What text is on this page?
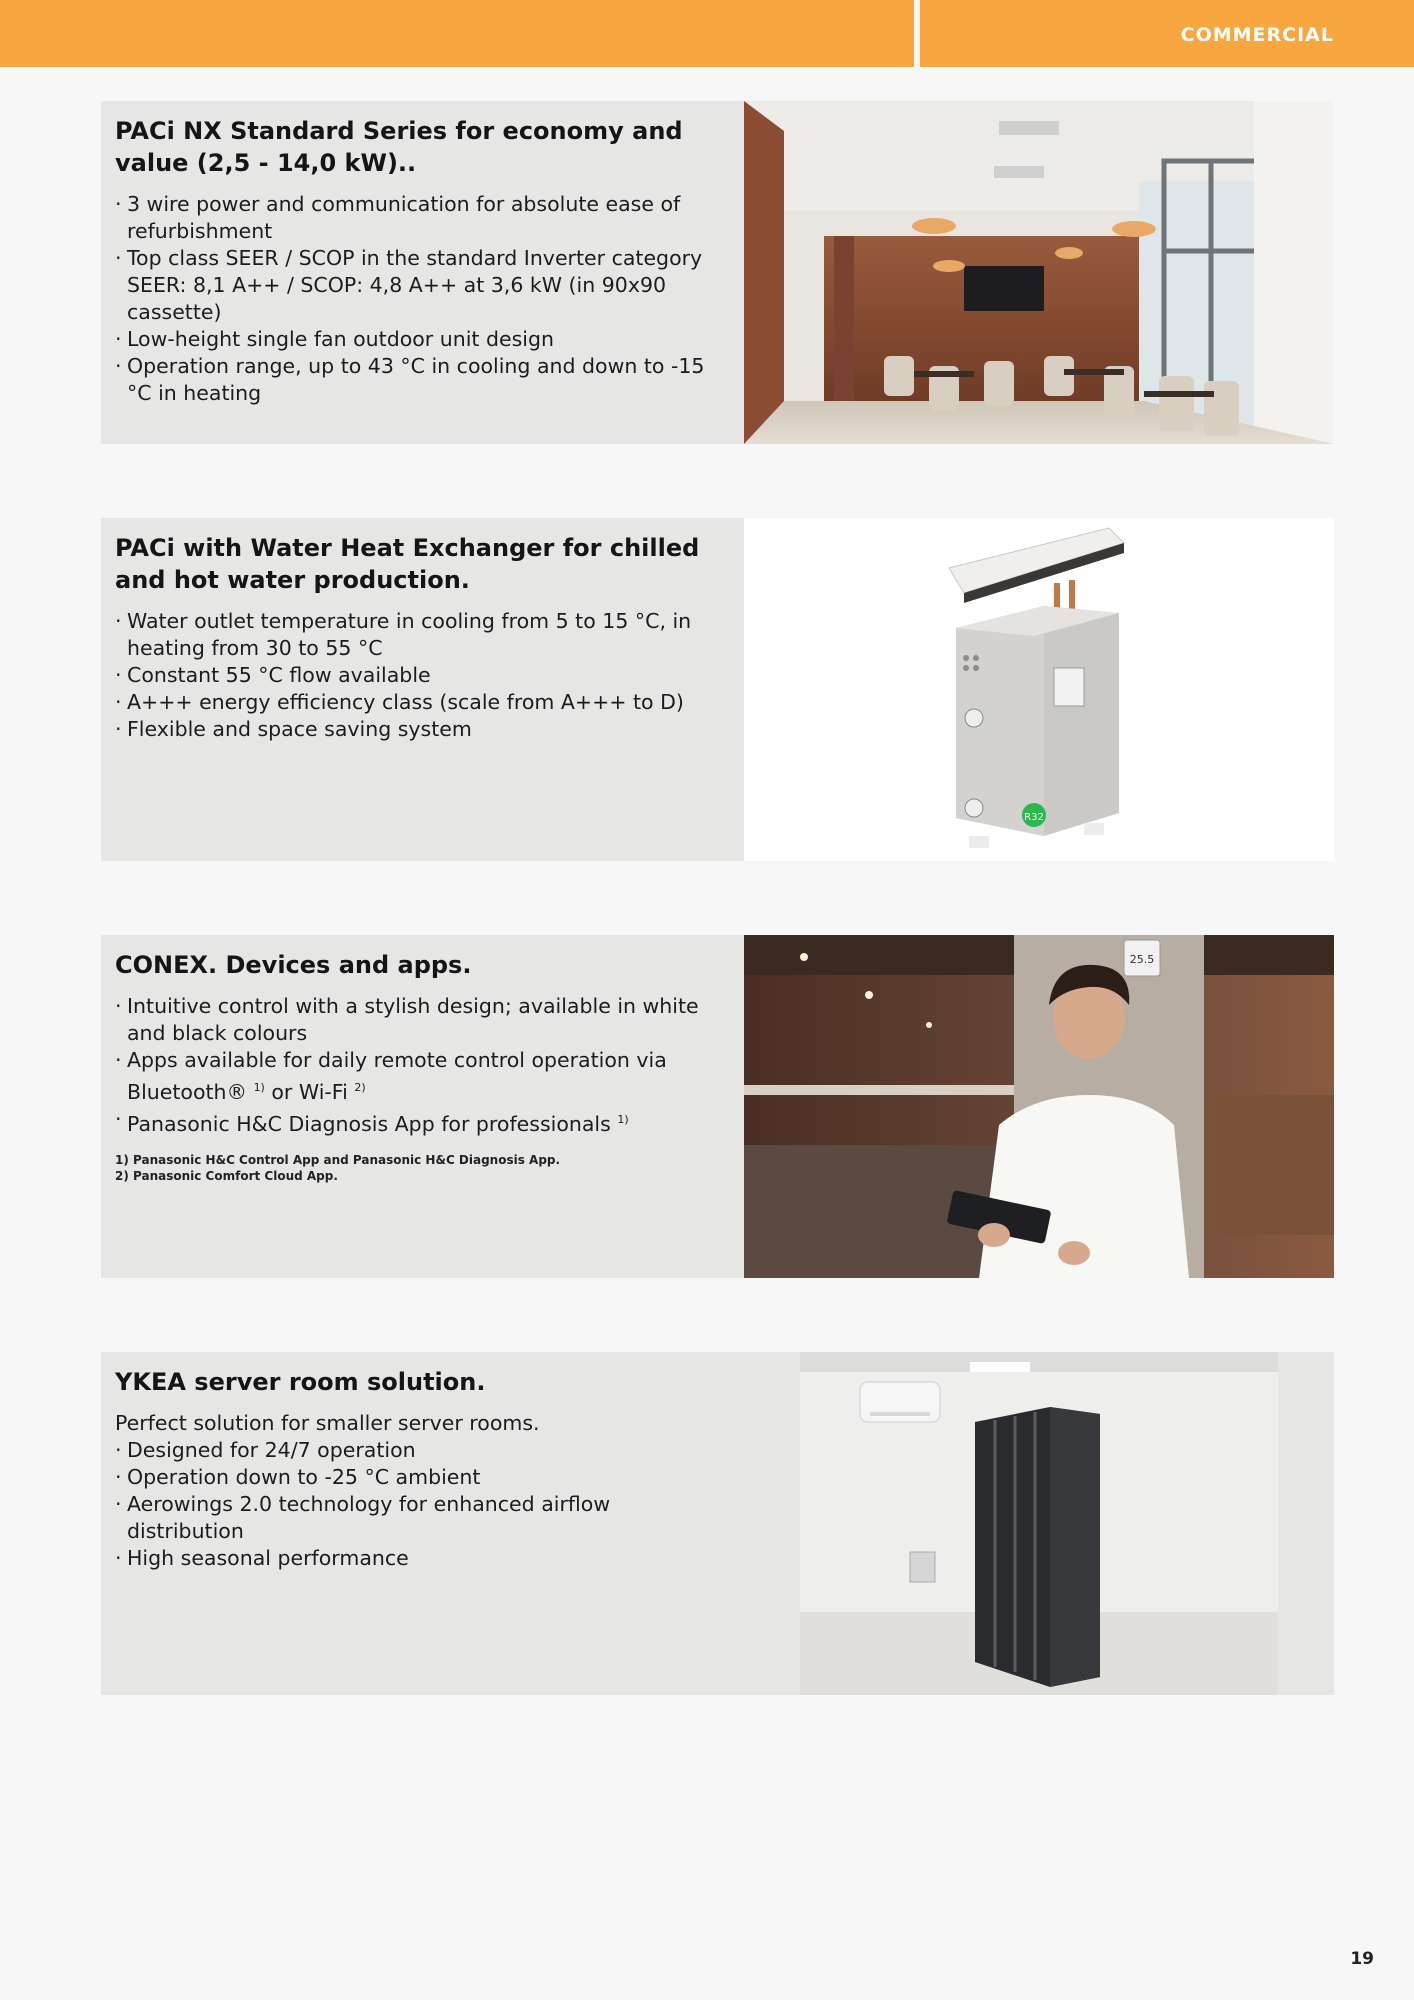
COMMERCIAL
PACi NX Standard Series for economy and value (2,5 - 14,0 kW)..
· 3 wire power and communication for absolute ease of refurbishment
· Top class SEER / SCOP in the standard Inverter category SEER: 8,1 A++ / SCOP: 4,8 A++ at 3,6 kW (in 90x90 cassette)
· Low-height single fan outdoor unit design
· Operation range, up to 43 °C in cooling and down to -15 °C in heating
PACi with Water Heat Exchanger for chilled and hot water production.
· Water outlet temperature in cooling from 5 to 15 °C, in heating from 30 to 55 °C
· Constant 55 °C flow available
· A+++ energy efficiency class (scale from A+++ to D)
· Flexible and space saving system
R32
CONEX. Devices and apps.
· Intuitive control with a stylish design; available in white and black colours
· Apps available for daily remote control operation via
Bluetooth® $^{1)}$ or Wi-Fi $^{2)}$
· Panasonic H&C Diagnosis App for professionals $^{1)}$

1) Panasonic H&C Control App and Panasonic H&C Diagnosis App.
2) Panasonic Comfort Cloud App.

25.5
YKEA server room solution.

Perfect solution for smaller server rooms.

· Designed for 24/7 operation
· Operation down to -25 °C ambient
· Aerowings 2.0 technology for enhanced airflow distribution
· High seasonal performance
19
